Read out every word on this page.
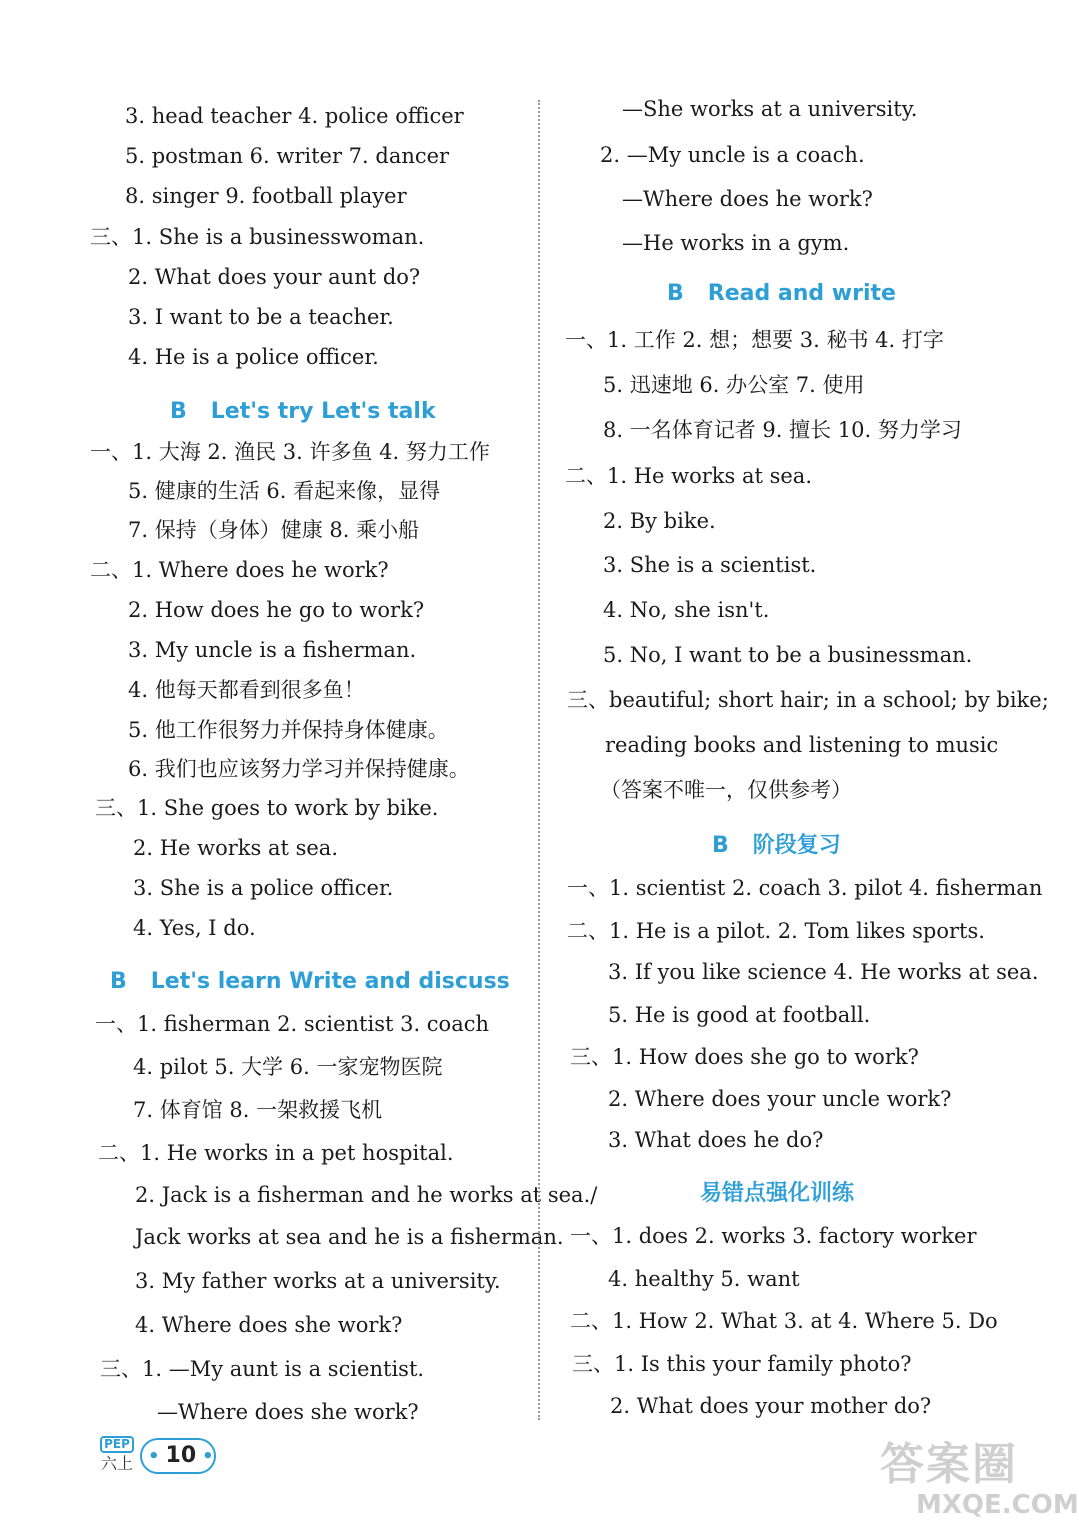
3. head teacher 4. police officer
5. postman 6. writer 7. dancer
8. singer 9. football player
三、1. She is a businesswoman.
2. What does your aunt do?
3. I want to be a teacher.
4. He is a police officer.
一、1. 大海 2. 渔民 3. 许多鱼 4. 努力工作
5. 健康的生活 6. 看起来像，显得
7. 保持（身体）健康 8. 乘小船
二、1. Where does he work?
2. How does he go to work?
3. My uncle is a fisherman.
4. 他每天都看到很多鱼！
5. 他工作很努力并保持身体健康。
6. 我们也应该努力学习并保持健康。
三、1. She goes to work by bike.
2. He works at sea.
3. She is a police officer.
4. Yes, I do.
一、1. fisherman 2. scientist 3. coach
4. pilot 5. 大学 6. 一家宠物医院
7. 体育馆 8. 一架救援飞机
二、1. He works in a pet hospital.
2. Jack is a fisherman and he works at sea./
Jack works at sea and he is a fisherman.
3. My father works at a university.
4. Where does she work?
三、1. —My aunt is a scientist.
—Where does she work?
B Let's try Let's talk
B Let's learn Write and discuss
—She works at a university.
2. —My uncle is a coach.
—Where does he work?
—He works in a gym.
一、1. 工作 2. 想；想要 3. 秘书 4. 打字
5. 迅速地 6. 办公室 7. 使用
8. 一名体育记者 9. 擅长 10. 努力学习
二、1. He works at sea.
2. By bike.
3. She is a scientist.
4. No, she isn't.
5. No, I want to be a businessman.
三、beautiful; short hair; in a school; by bike;
reading books and listening to music
（答案不唯一，仅供参考）
一、1. scientist 2. coach 3. pilot 4. fisherman
二、1. He is a pilot. 2. Tom likes sports.
3. If you like science 4. He works at sea.
5. He is good at football.
三、1. How does she go to work?
2. Where does your uncle work?
3. What does he do?
一、1. does 2. works 3. factory worker
4. healthy 5. want
二、1. How 2. What 3. at 4. Where 5. Do
三、1. Is this your family photo?
2. What does your mother do?
B Read and write
B 阶段复习
易错点强化训练
PEP
六上 • 10 •	答案圈
MXQE.COM
